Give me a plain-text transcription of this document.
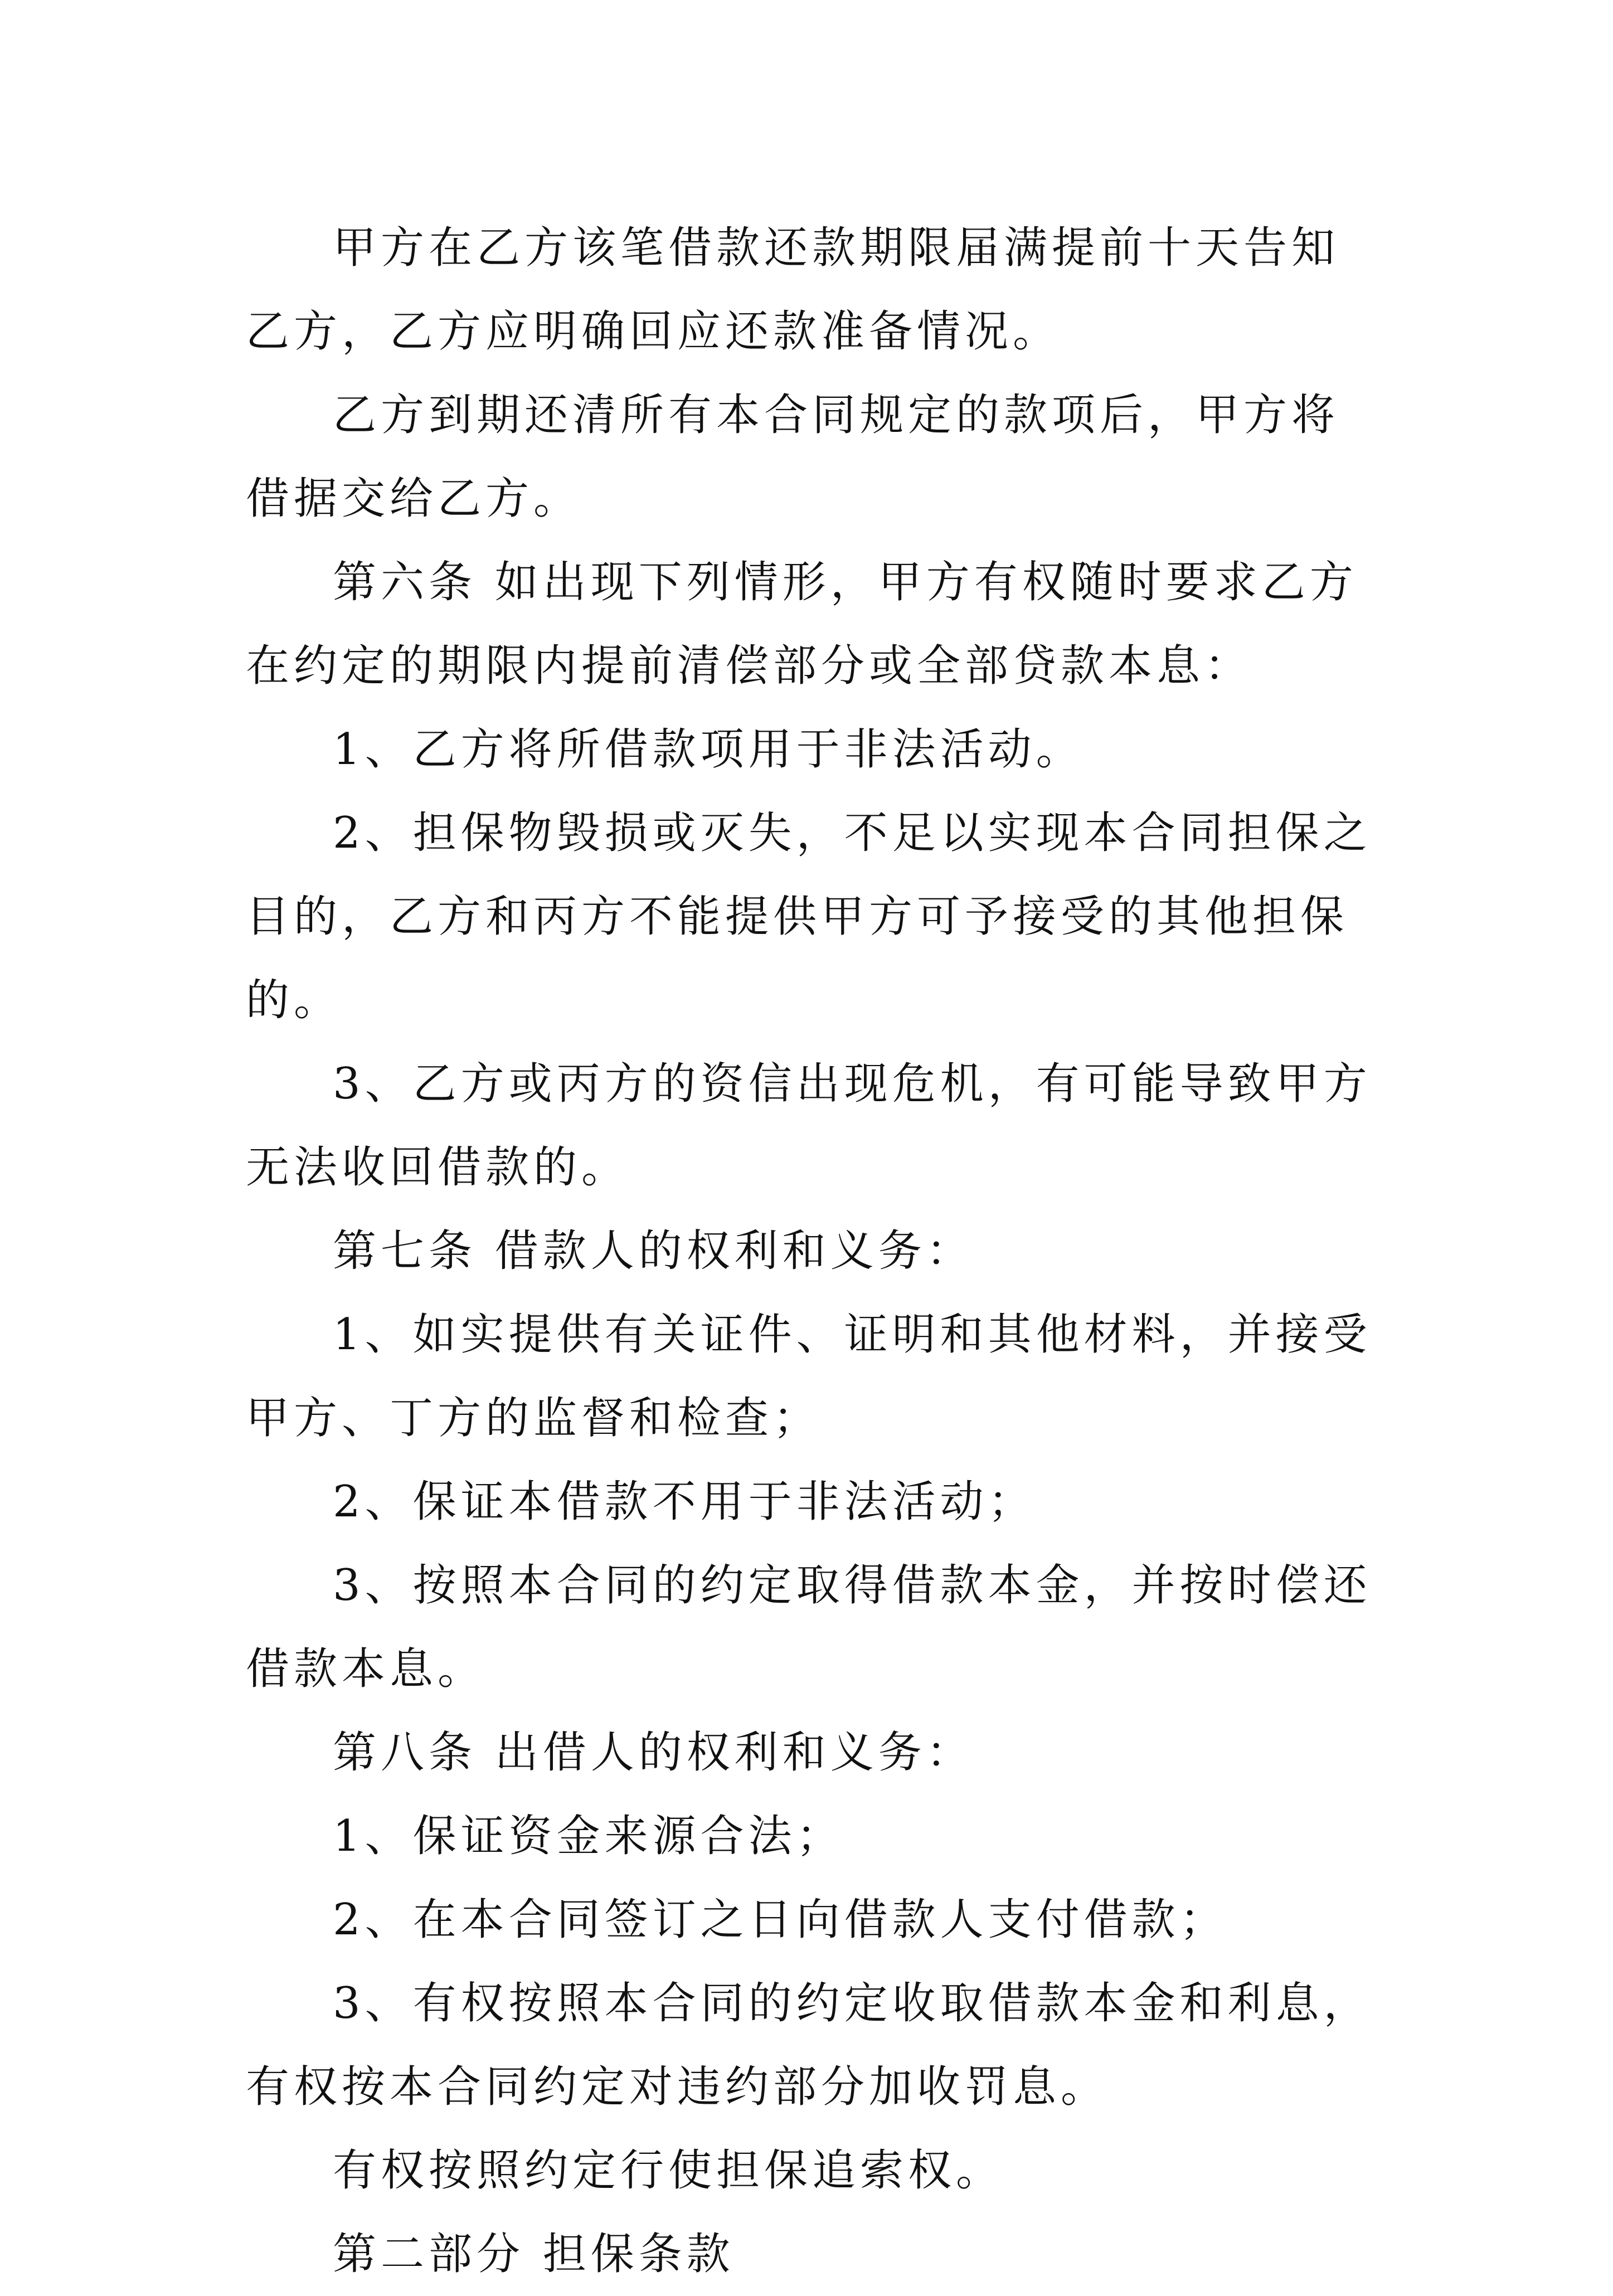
甲方在乙方该笔借款还款期限届满提前十天告知乙方，乙方应明确回应还款准备情况。

乙方到期还清所有本合同规定的款项后，甲方将借据交给乙方。

第六条 如出现下列情形，甲方有权随时要求乙方在约定的期限内提前清偿部分或全部贷款本息：

1、乙方将所借款项用于非法活动。

2、担保物毁损或灭失，不足以实现本合同担保之目的，乙方和丙方不能提供甲方可予接受的其他担保的。

3、乙方或丙方的资信出现危机，有可能导致甲方无法收回借款的。

第七条 借款人的权利和义务：

1、如实提供有关证件、证明和其他材料，并接受甲方、丁方的监督和检查；

2、保证本借款不用于非法活动；

3、按照本合同的约定取得借款本金，并按时偿还借款本息。

第八条 出借人的权利和义务：

1、保证资金来源合法；

2、在本合同签订之日向借款人支付借款；

3、有权按照本合同的约定收取借款本金和利息，有权按本合同约定对违约部分加收罚息。

有权按照约定行使担保追索权。

第二部分 担保条款
